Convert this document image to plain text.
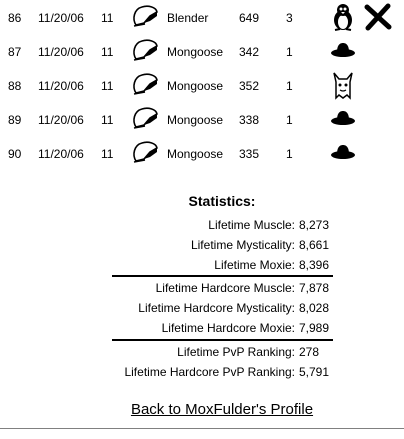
86 11/20/06 11	Blender	649 3
87 11/20/06 11	Mongoose 342 1
88 11/20/06 11	Mongoose 352 1
89 11/20/06 11	Mongoose 338 1
90 11/20/06 11	Mongoose 335 1
Statistics:
Lifetime Muscle: 8,273
Lifetime Mysticality: 8,661
Lifetime Moxie: 8,396
Lifetime Hardcore Muscle: 7,878
Lifetime Hardcore Mysticality: 8,028
Lifetime Hardcore Moxie: 7,989
Lifetime PvP Ranking: 278
Lifetime Hardcore PvP Ranking: 5,791
Back to MoxFulder's Profile
